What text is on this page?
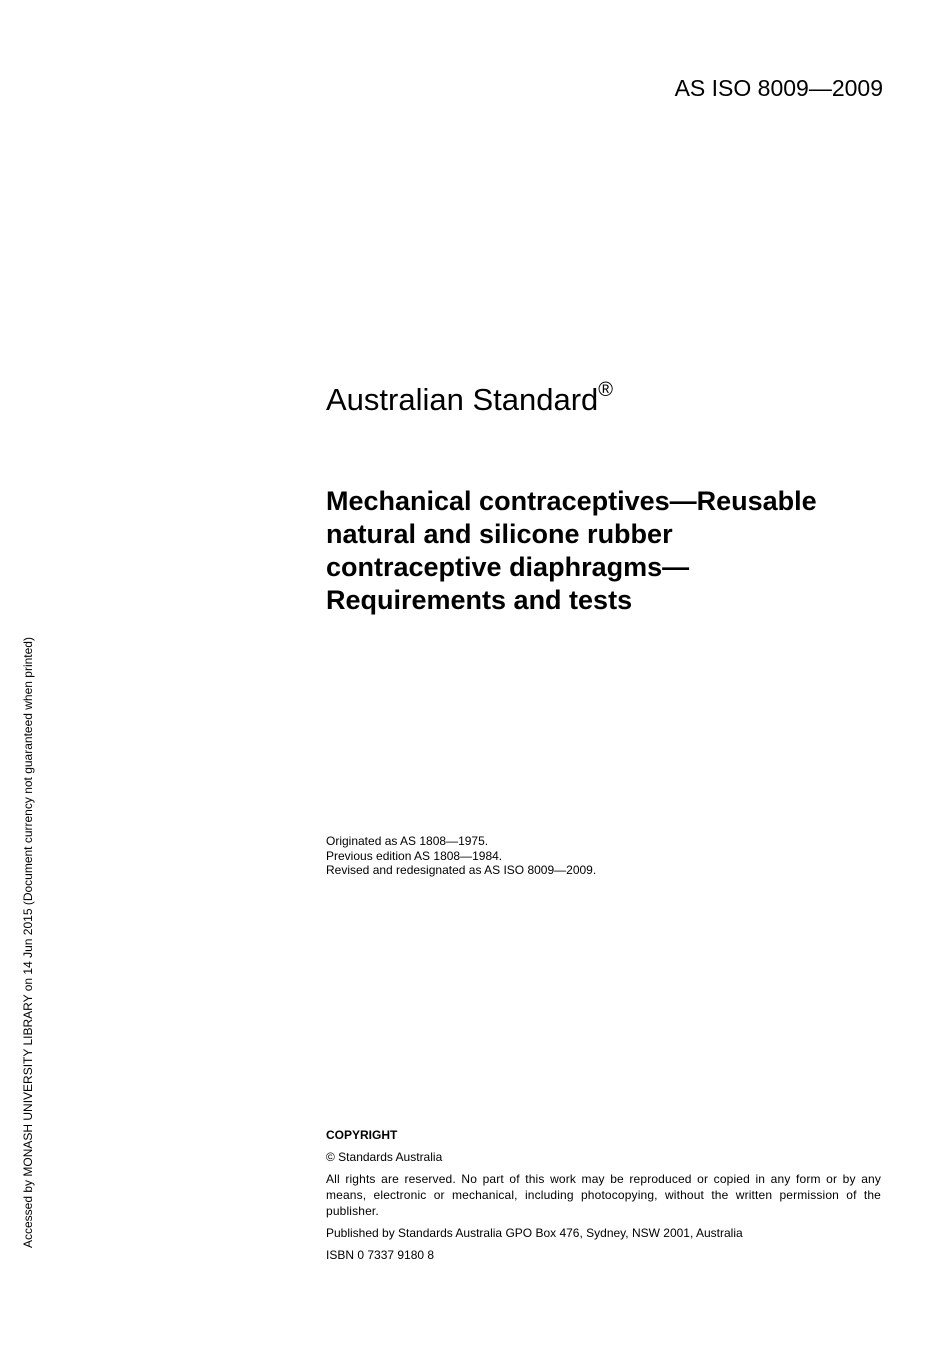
AS ISO 8009—2009
Australian Standard®
Mechanical contraceptives—Reusable
natural and silicone rubber
contraceptive diaphragms—
Requirements and tests
Originated as AS 1808—1975.
Previous edition AS 1808—1984.
Revised and redesignated as AS ISO 8009—2009.
COPYRIGHT
© Standards Australia
All rights are reserved. No part of this work may be reproduced or copied in any form or by any means, electronic or mechanical, including photocopying, without the written permission of the publisher.
Published by Standards Australia GPO Box 476, Sydney, NSW 2001, Australia
ISBN 0 7337 9180 8
Accessed by MONASH UNIVERSITY LIBRARY on 14 Jun 2015 (Document currency not guaranteed when printed)
